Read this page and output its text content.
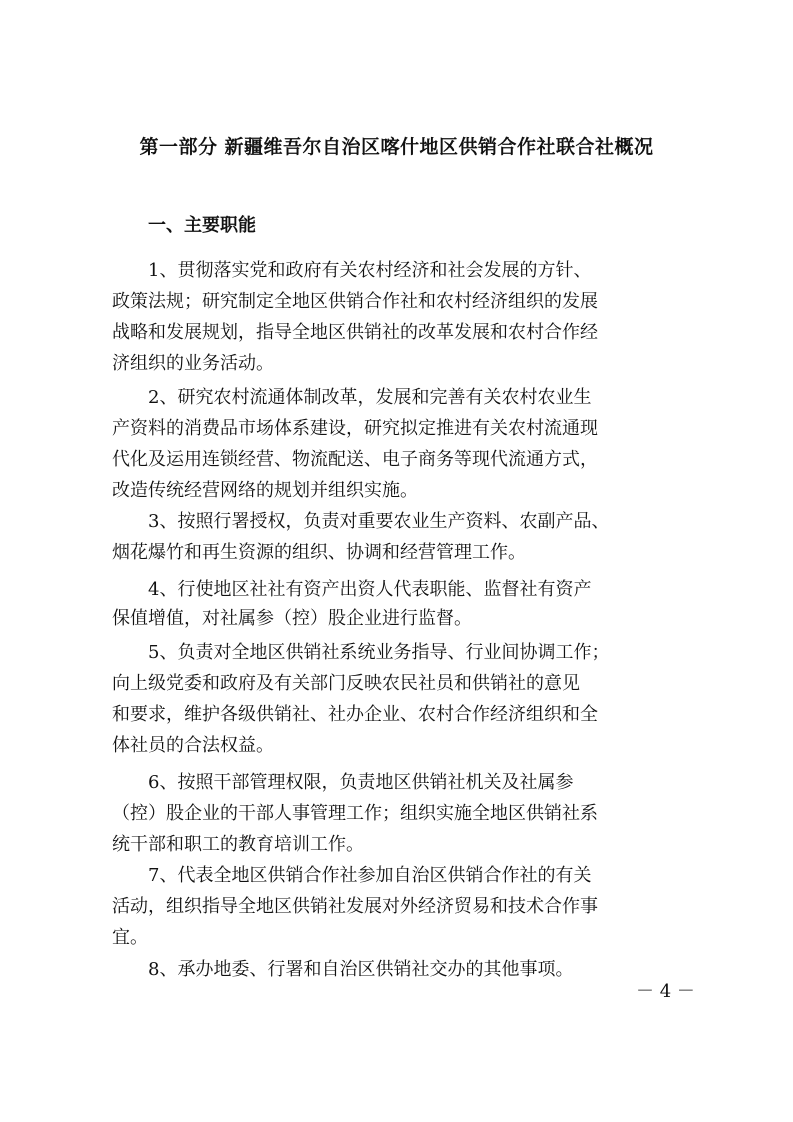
第一部分 新疆维吾尔自治区喀什地区供销合作社联合社概况
一、主要职能
1、贯彻落实党和政府有关农村经济和社会发展的方针、
政策法规；研究制定全地区供销合作社和农村经济组织的发展
战略和发展规划，指导全地区供销社的改革发展和农村合作经
济组织的业务活动。
2、研究农村流通体制改革，发展和完善有关农村农业生
产资料的消费品市场体系建设，研究拟定推进有关农村流通现
代化及运用连锁经营、物流配送、电子商务等现代流通方式，
改造传统经营网络的规划并组织实施。
3、按照行署授权，负责对重要农业生产资料、农副产品、
烟花爆竹和再生资源的组织、协调和经营管理工作。
4、行使地区社社有资产出资人代表职能、监督社有资产
保值增值，对社属参（控）股企业进行监督。
5、负责对全地区供销社系统业务指导、行业间协调工作；
向上级党委和政府及有关部门反映农民社员和供销社的意见
和要求，维护各级供销社、社办企业、农村合作经济组织和全
体社员的合法权益。
6、按照干部管理权限，负责地区供销社机关及社属参
（控）股企业的干部人事管理工作；组织实施全地区供销社系
统干部和职工的教育培训工作。
7、代表全地区供销合作社参加自治区供销合作社的有关
活动，组织指导全地区供销社发展对外经济贸易和技术合作事
宜。
8、承办地委、行署和自治区供销社交办的其他事项。
－ 4 －
